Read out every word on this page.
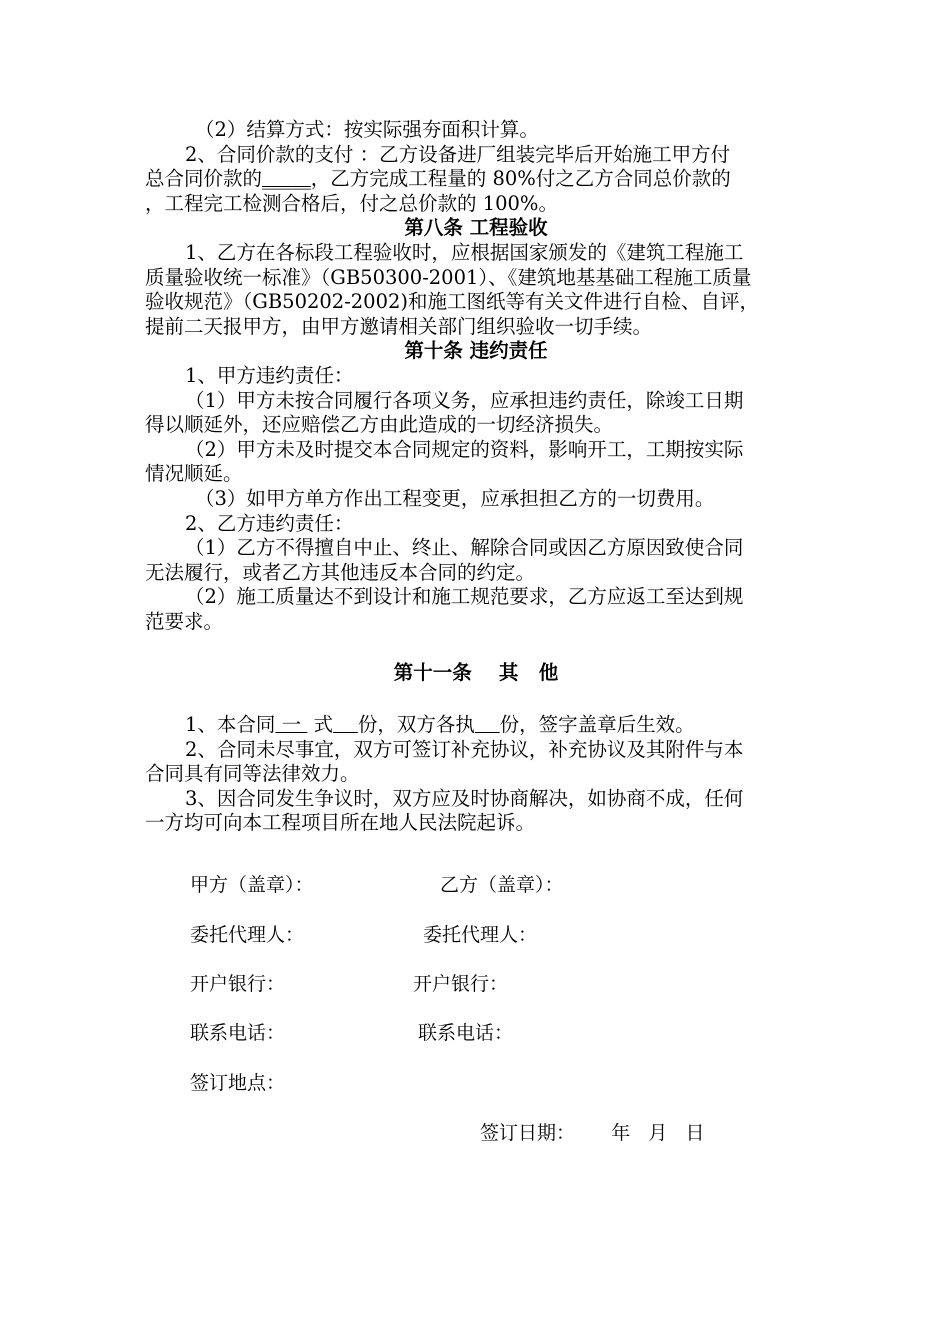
（2）结算方式：按实际强夯面积计算。
2、合同价款的支付 ：乙方设备进厂组装完毕后开始施工甲方付
总合同价款的_____，乙方完成工程量的 80%付之乙方合同总价款的
，工程完工检测合格后，付之总价款的 100%。
第八条 工程验收
1、乙方在各标段工程验收时，应根据国家颁发的《建筑工程施工
质量验收统一标准》（GB50300-2001）、《建筑地基基础工程施工质量
验收规范》（GB50202-2002)和施工图纸等有关文件进行自检、自评，
提前二天报甲方，由甲方邀请相关部门组织验收一切手续。
第十条 违约责任
1、甲方违约责任：
（1）甲方未按合同履行各项义务，应承担违约责任，除竣工日期
得以顺延外，还应赔偿乙方由此造成的一切经济损失。
（2）甲方未及时提交本合同规定的资料，影响开工，工期按实际
情况顺延。
（3）如甲方单方作出工程变更，应承担担乙方的一切费用。
2、乙方违约责任：
（1）乙方不得擅自中止、终止、解除合同或因乙方原因致使合同
无法履行，或者乙方其他违反本合同的约定。
（2）施工质量达不到设计和施工规范要求，乙方应返工至达到规
范要求。
第十一条    其   他
1、本合同 一  式 份，双方各执 份，签字盖章后生效。
2、合同未尽事宜，双方可签订补充协议，补充协议及其附件与本
合同具有同等法律效力。
3、因合同发生争议时，双方应及时协商解决，如协商不成，任何
一方均可向本工程项目所在地人民法院起诉。
甲方（盖章）：	乙方（盖章）：
委托代理人：	委托代理人：
开户银行：	开户银行：
联系电话：	联系电话：
签订地点：
签订日期：      年   月   日
